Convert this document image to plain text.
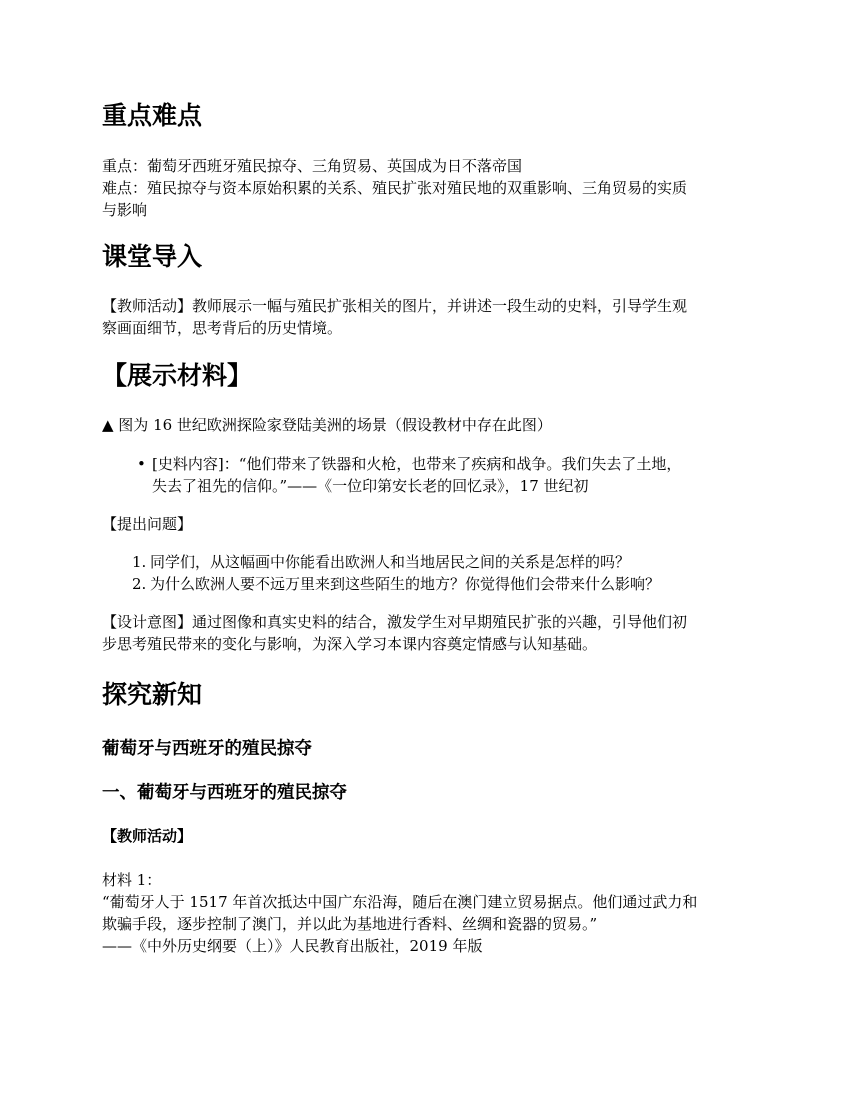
重点难点

重点：葡萄牙西班牙殖民掠夺、三角贸易、英国成为日不落帝国
难点：殖民掠夺与资本原始积累的关系、殖民扩张对殖民地的双重影响、三角贸易的实质
与影响

课堂导入

【教师活动】教师展示一幅与殖民扩张相关的图片，并讲述一段生动的史料，引导学生观
察画面细节，思考背后的历史情境。

【展示材料】

▲ 图为 16 世纪欧洲探险家登陆美洲的场景（假设教材中存在此图）

• [史料内容]：“他们带来了铁器和火枪，也带来了疾病和战争。我们失去了土地，
失去了祖先的信仰。”——《一位印第安长老的回忆录》，17 世纪初

【提出问题】

1. 同学们，从这幅画中你能看出欧洲人和当地居民之间的关系是怎样的吗？
2. 为什么欧洲人要不远万里来到这些陌生的地方？你觉得他们会带来什么影响？

【设计意图】通过图像和真实史料的结合，激发学生对早期殖民扩张的兴趣，引导他们初
步思考殖民带来的变化与影响，为深入学习本课内容奠定情感与认知基础。

探究新知
葡萄牙与西班牙的殖民掠夺
一、葡萄牙与西班牙的殖民掠夺

【教师活动】

材料 1：
“葡萄牙人于 1517 年首次抵达中国广东沿海，随后在澳门建立贸易据点。他们通过武力和
欺骗手段，逐步控制了澳门，并以此为基地进行香料、丝绸和瓷器的贸易。”
——《中外历史纲要（上）》人民教育出版社，2019 年版
